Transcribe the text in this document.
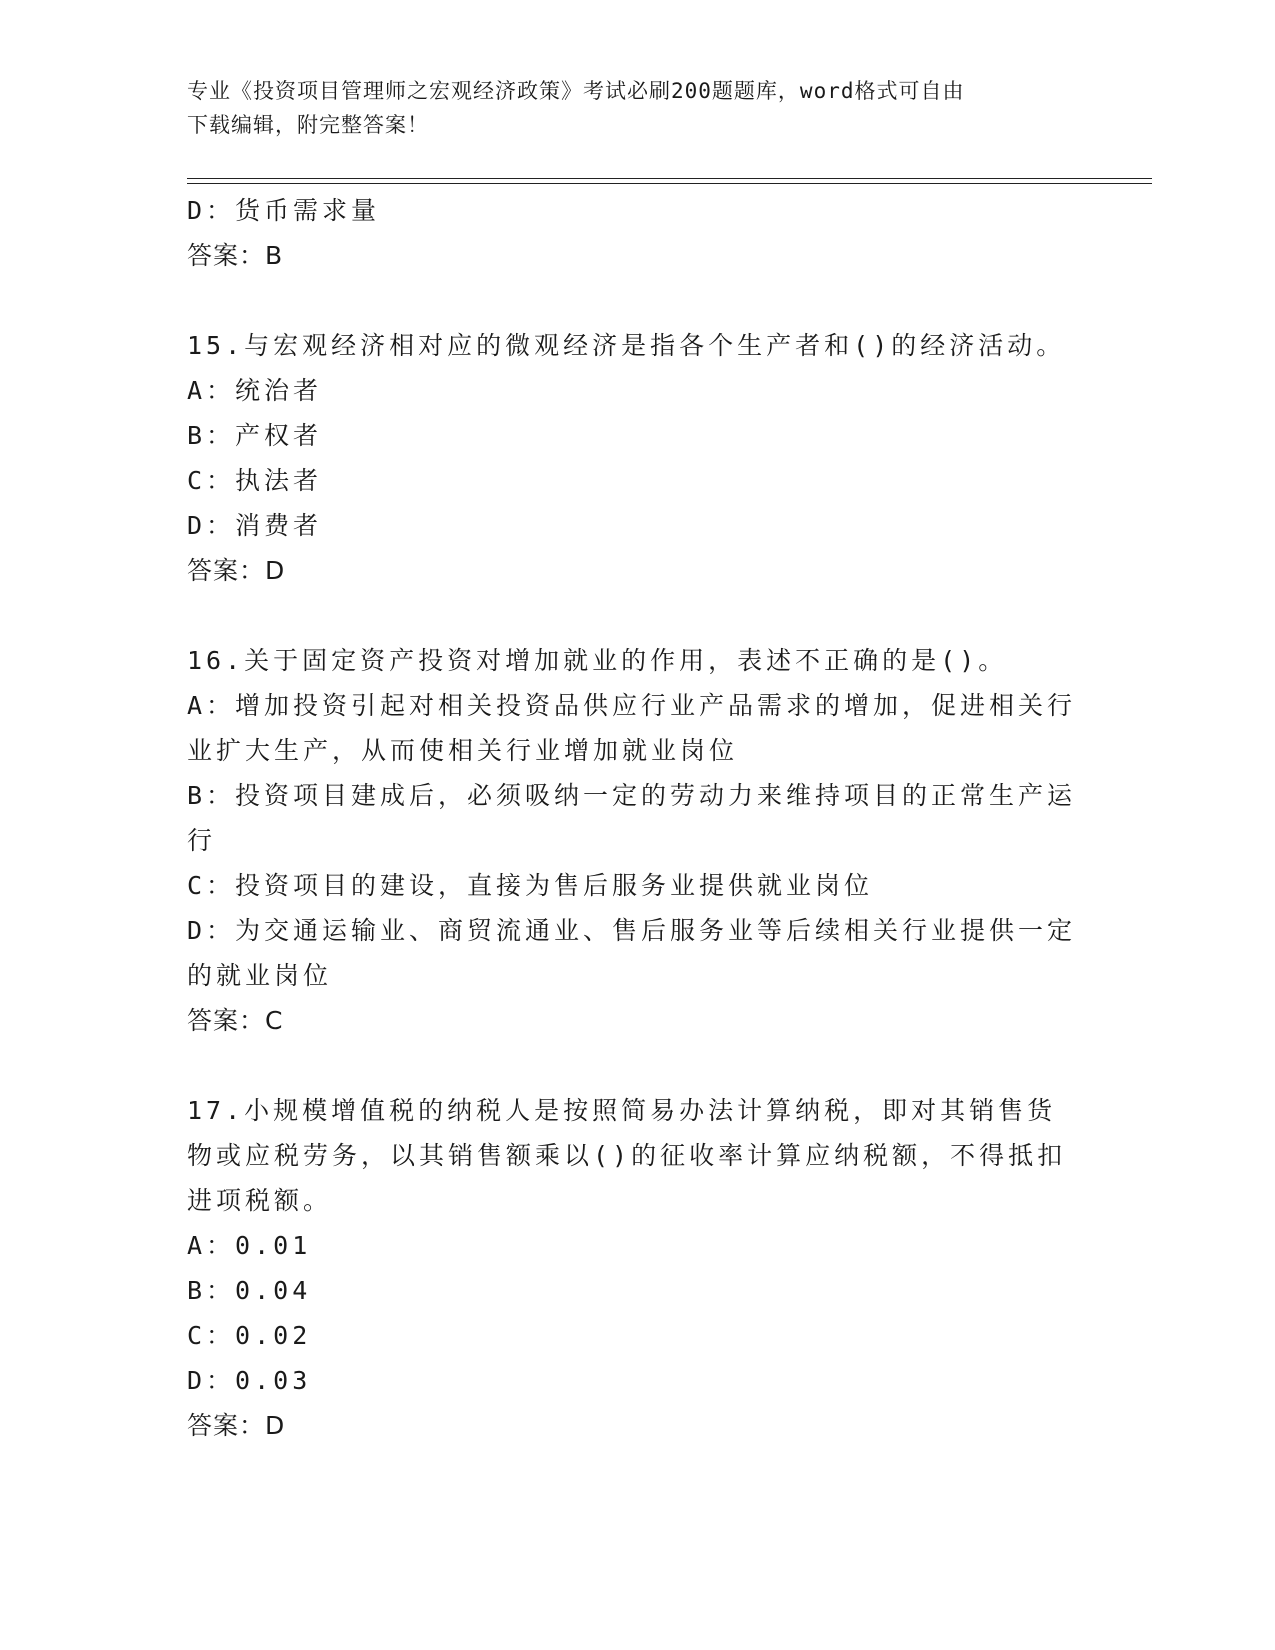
专业《投资项目管理师之宏观经济政策》考试必刷200题题库，word格式可自由
下载编辑，附完整答案！

D：货币需求量

答案：B

15.与宏观经济相对应的微观经济是指各个生产者和()的经济活动。

A：统治者

B：产权者

C：执法者

D：消费者

答案：D

16.关于固定资产投资对增加就业的作用，表述不正确的是()。

A：增加投资引起对相关投资品供应行业产品需求的增加，促进相关行业扩大生产，从而使相关行业增加就业岗位

B：投资项目建成后，必须吸纳一定的劳动力来维持项目的正常生产运行

C：投资项目的建设，直接为售后服务业提供就业岗位

D：为交通运输业、商贸流通业、售后服务业等后续相关行业提供一定的就业岗位

答案：C

17.小规模增值税的纳税人是按照简易办法计算纳税，即对其销售货物或应税劳务，以其销售额乘以()的征收率计算应纳税额，不得抵扣进项税额。

A：0.01

B：0.04

C：0.02

D：0.03

答案：D
